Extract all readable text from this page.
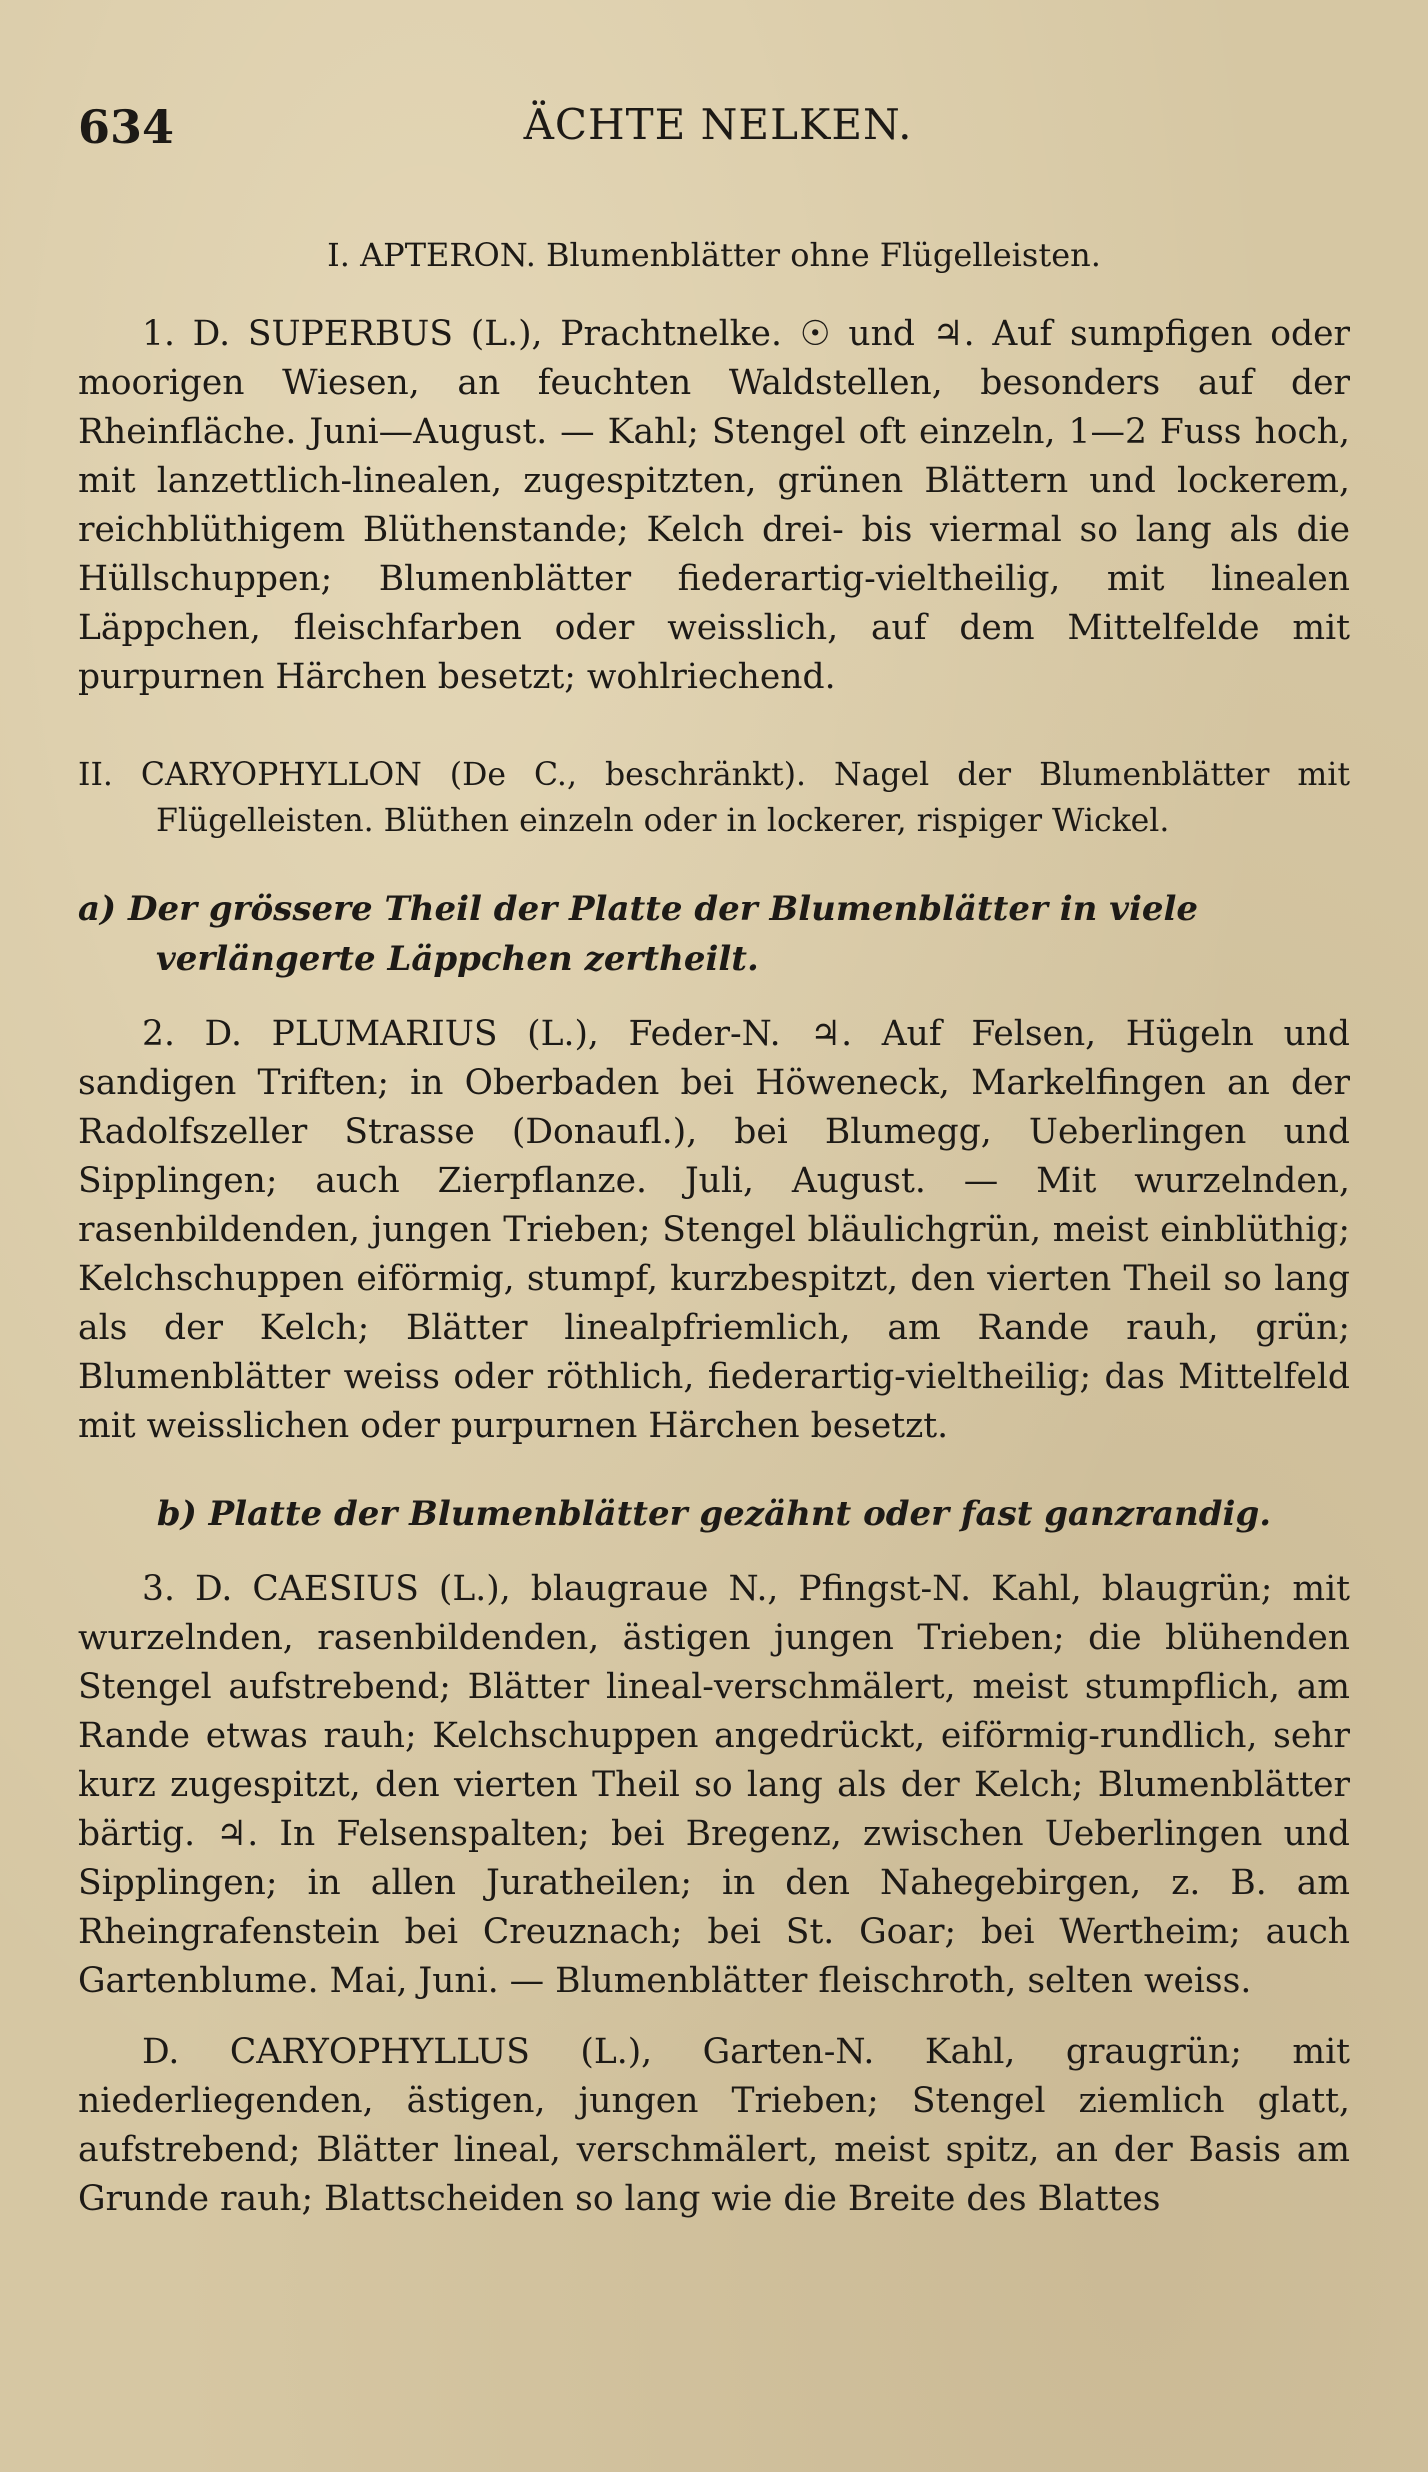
634	ÄCHTE NELKEN.

I. APTERON. Blumenblätter ohne Flügelleisten.

1. D. SUPERBUS (L.), Prachtnelke. ☉ und ♃. Auf sumpfigen oder moorigen Wiesen, an feuchten Waldstellen, besonders auf der Rheinfläche. Juni—August. — Kahl; Stengel oft einzeln, 1—2 Fuss hoch, mit lanzettlich-linealen, zugespitzten, grünen Blättern und lockerem, reichblüthigem Blüthenstande; Kelch drei- bis viermal so lang als die Hüllschuppen; Blumenblätter fiederartig-vieltheilig, mit linealen Läppchen, fleischfarben oder weisslich, auf dem Mittelfelde mit purpurnen Härchen besetzt; wohlriechend.

II. CARYOPHYLLON (De C., beschränkt). Nagel der Blumenblätter mit Flügelleisten. Blüthen einzeln oder in lockerer, rispiger Wickel.

a) Der grössere Theil der Platte der Blumenblätter in viele verlängerte Läppchen zertheilt.

2. D. PLUMARIUS (L.), Feder-N. ♃. Auf Felsen, Hügeln und sandigen Triften; in Oberbaden bei Höweneck, Markelfingen an der Radolfszeller Strasse (Donaufl.), bei Blumegg, Ueberlingen und Sipplingen; auch Zierpflanze. Juli, August. — Mit wurzelnden, rasenbildenden, jungen Trieben; Stengel bläulichgrün, meist einblüthig; Kelchschuppen eiförmig, stumpf, kurzbespitzt, den vierten Theil so lang als der Kelch; Blätter linealpfriemlich, am Rande rauh, grün; Blumenblätter weiss oder röthlich, fiederartig-vieltheilig; das Mittelfeld mit weisslichen oder purpurnen Härchen besetzt.

b) Platte der Blumenblätter gezähnt oder fast ganzrandig.

3. D. CAESIUS (L.), blaugraue N., Pfingst-N. Kahl, blaugrün; mit wurzelnden, rasenbildenden, ästigen jungen Trieben; die blühenden Stengel aufstrebend; Blätter lineal-verschmälert, meist stumpflich, am Rande etwas rauh; Kelchschuppen angedrückt, eiförmig-rundlich, sehr kurz zugespitzt, den vierten Theil so lang als der Kelch; Blumenblätter bärtig. ♃. In Felsenspalten; bei Bregenz, zwischen Ueberlingen und Sipplingen; in allen Juratheilen; in den Nahegebirgen, z. B. am Rheingrafenstein bei Creuznach; bei St. Goar; bei Wertheim; auch Gartenblume. Mai, Juni. — Blumenblätter fleischroth, selten weiss.

D. CARYOPHYLLUS (L.), Garten-N. Kahl, graugrün; mit niederliegenden, ästigen, jungen Trieben; Stengel ziemlich glatt, aufstrebend; Blätter lineal, verschmälert, meist spitz, an der Basis am Grunde rauh; Blattscheiden so lang wie die Breite des Blattes
